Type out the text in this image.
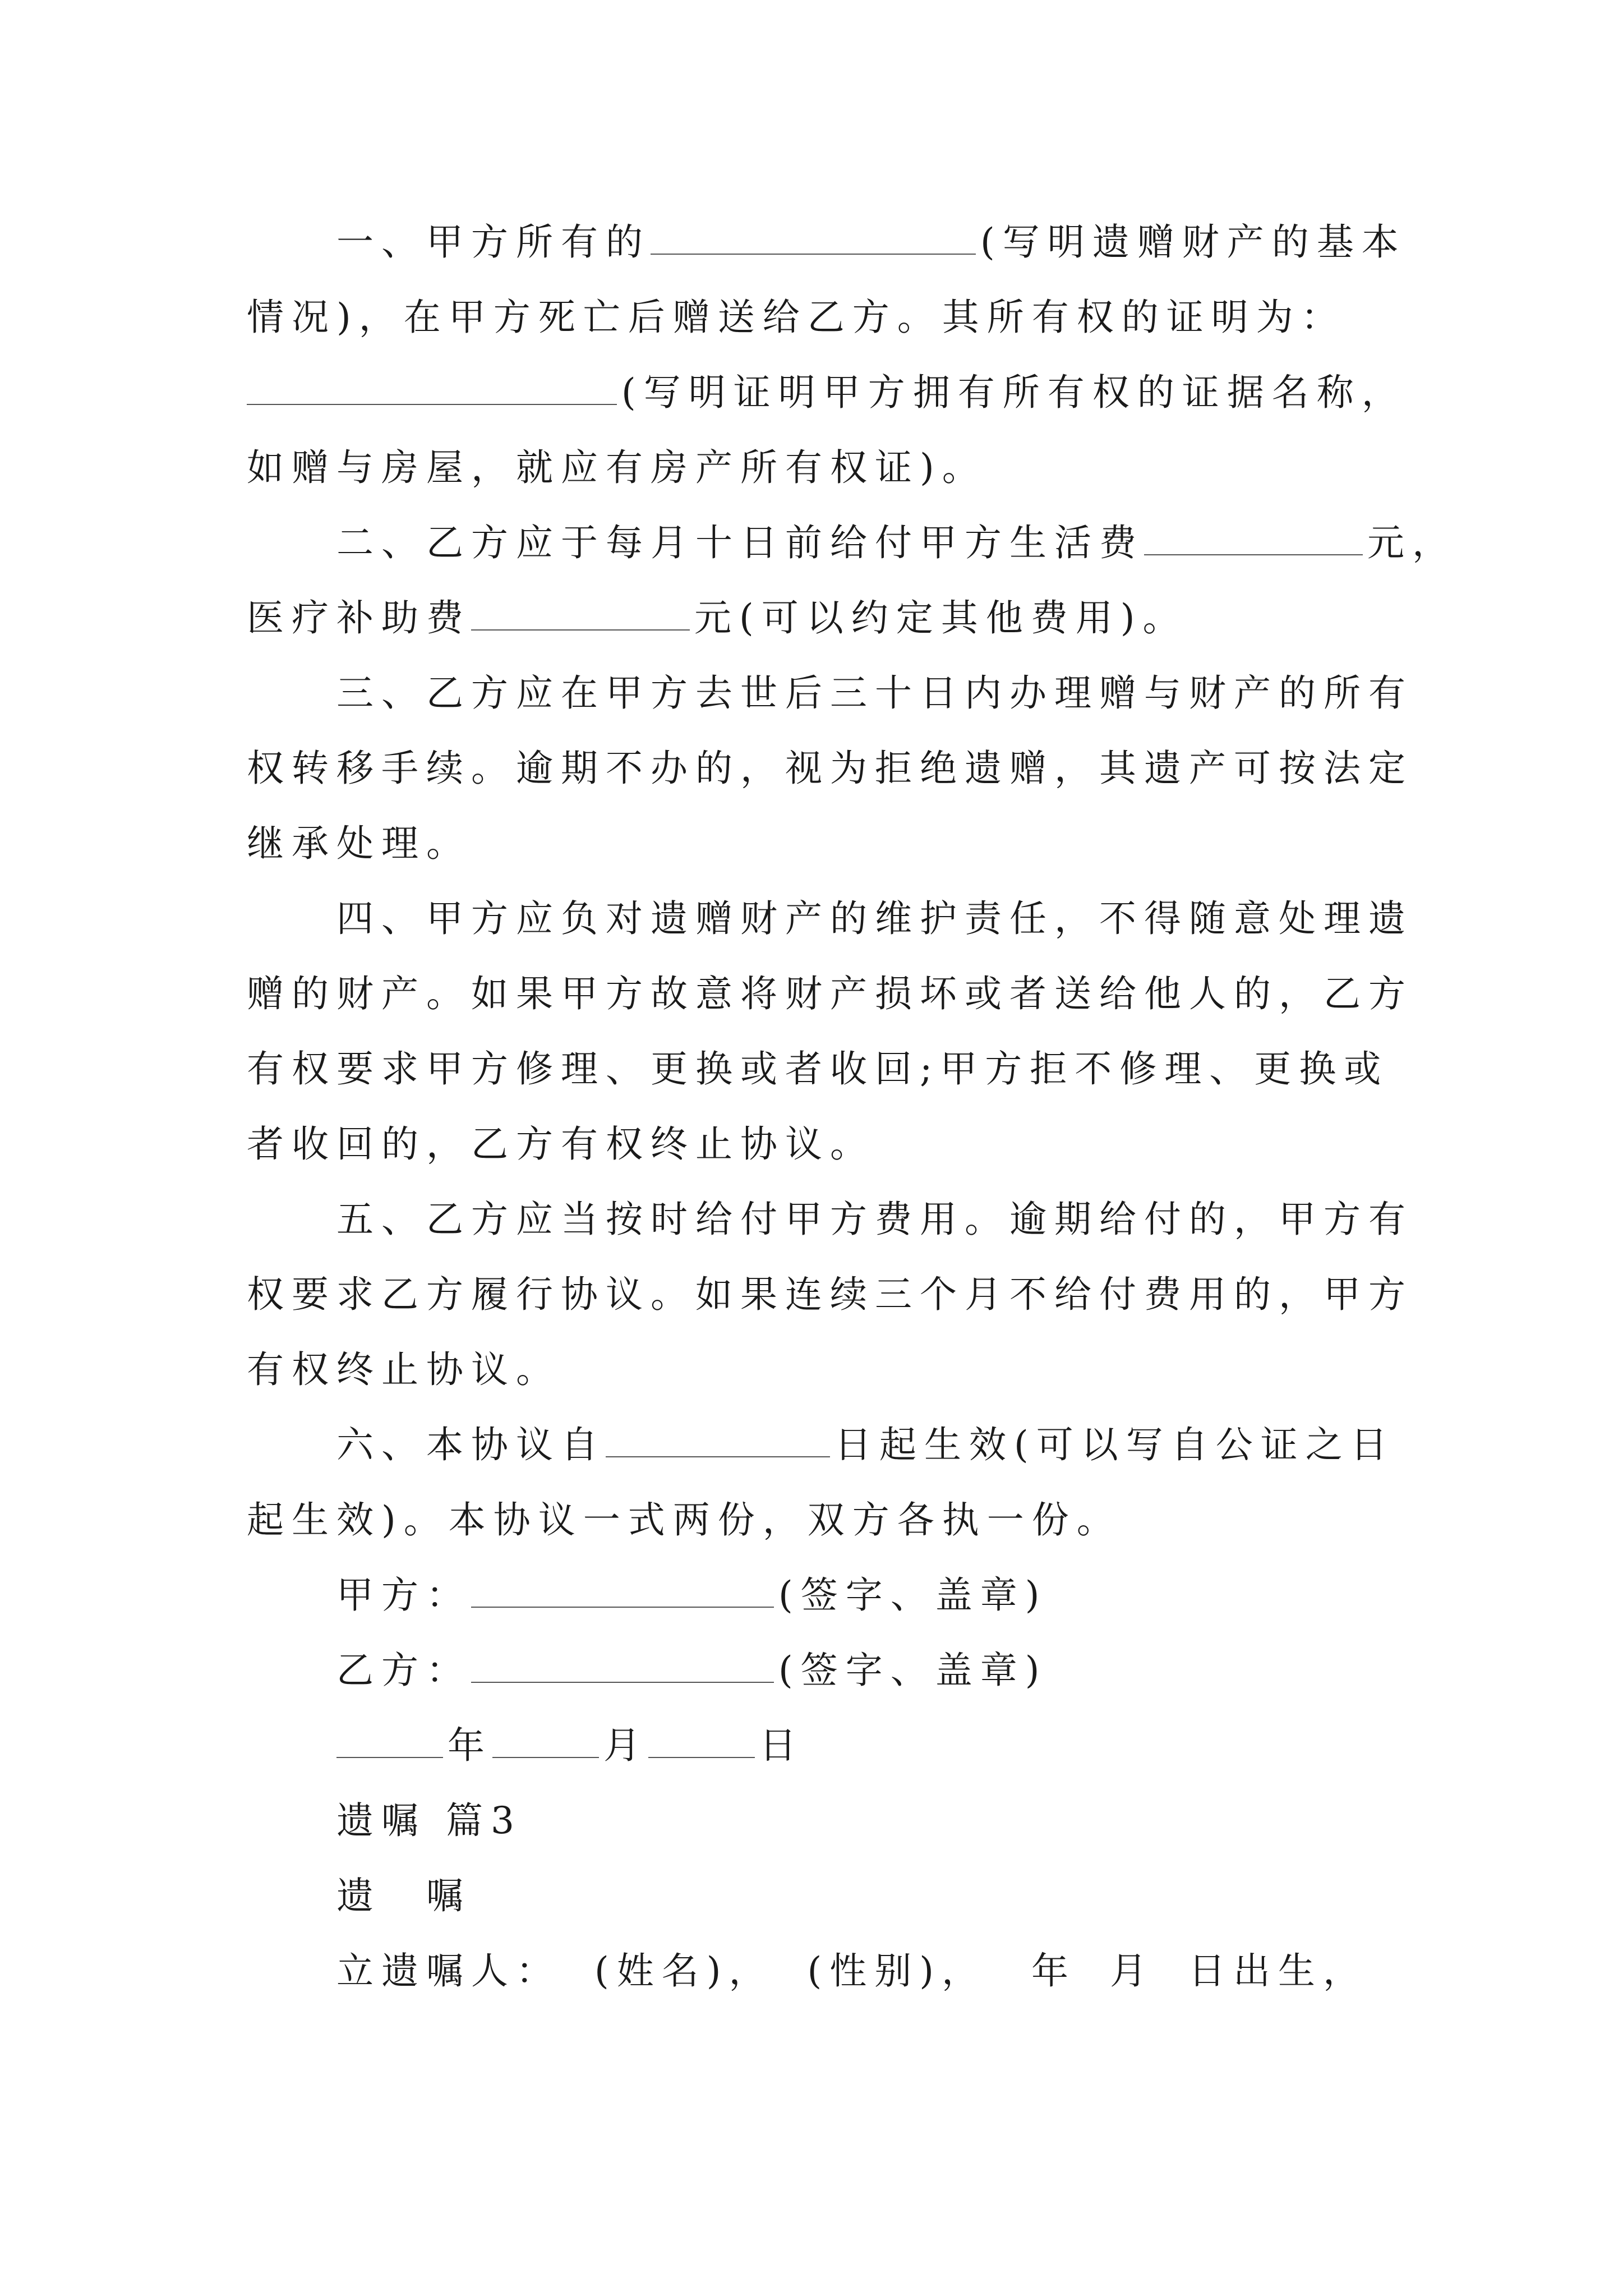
一、甲方所有的	(写明遗赠财产的基本
情况)，在甲方死亡后赠送给乙方。其所有权的证明为：
(写明证明甲方拥有所有权的证据名称，
如赠与房屋，就应有房产所有权证)。
二、乙方应于每月十日前给付甲方生活费	元，
医疗补助费	元(可以约定其他费用)。
三、乙方应在甲方去世后三十日内办理赠与财产的所有
权转移手续。逾期不办的，视为拒绝遗赠，其遗产可按法定
继承处理。
四、甲方应负对遗赠财产的维护责任，不得随意处理遗
赠的财产。如果甲方故意将财产损坏或者送给他人的，乙方
有权要求甲方修理、更换或者收回;甲方拒不修理、更换或
者收回的，乙方有权终止协议。
五、乙方应当按时给付甲方费用。逾期给付的，甲方有
权要求乙方履行协议。如果连续三个月不给付费用的，甲方
有权终止协议。
六、本协议自	日起生效(可以写自公证之日
起生效)。本协议一式两份，双方各执一份。
甲方：	(签字、盖章)
乙方：	(签字、盖章)
年	月	日
遗嘱 篇3
遗　嘱
立遗嘱人： (姓名)， (性别)， 年 月 日出生，
